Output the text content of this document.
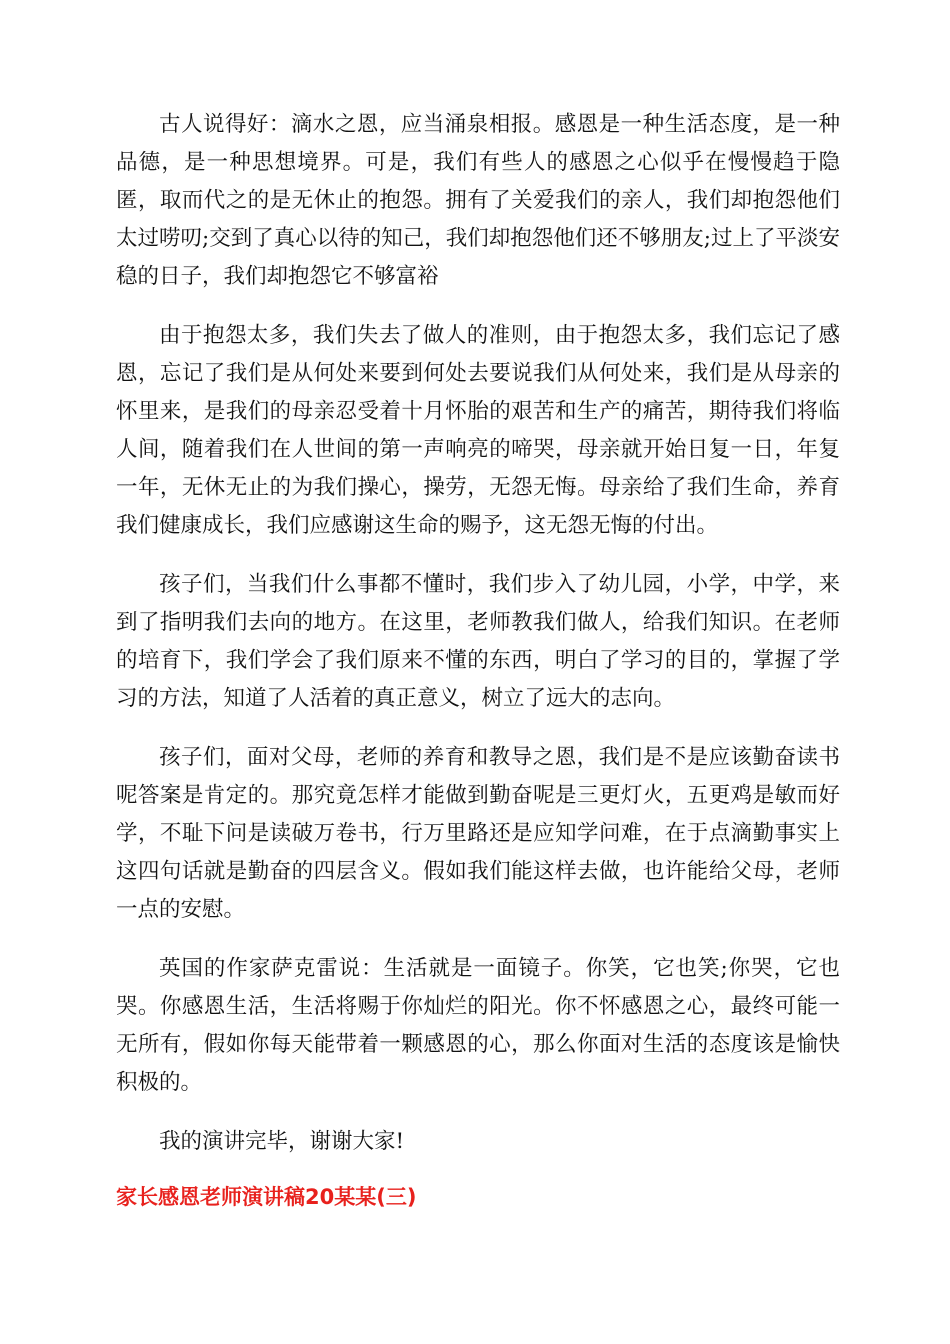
古人说得好：滴水之恩，应当涌泉相报。感恩是一种生活态度，是一种品德，是一种思想境界。可是，我们有些人的感恩之心似乎在慢慢趋于隐匿，取而代之的是无休止的抱怨。拥有了关爱我们的亲人，我们却抱怨他们太过唠叨;交到了真心以待的知己，我们却抱怨他们还不够朋友;过上了平淡安稳的日子，我们却抱怨它不够富裕

由于抱怨太多，我们失去了做人的准则，由于抱怨太多，我们忘记了感恩，忘记了我们是从何处来要到何处去要说我们从何处来，我们是从母亲的怀里来，是我们的母亲忍受着十月怀胎的艰苦和生产的痛苦，期待我们将临人间，随着我们在人世间的第一声响亮的啼哭，母亲就开始日复一日，年复一年，无休无止的为我们操心，操劳，无怨无悔。母亲给了我们生命，养育我们健康成长，我们应感谢这生命的赐予，这无怨无悔的付出。

孩子们，当我们什么事都不懂时，我们步入了幼儿园，小学，中学，来到了指明我们去向的地方。在这里，老师教我们做人，给我们知识。在老师的培育下，我们学会了我们原来不懂的东西，明白了学习的目的，掌握了学习的方法，知道了人活着的真正意义，树立了远大的志向。

孩子们，面对父母，老师的养育和教导之恩，我们是不是应该勤奋读书呢答案是肯定的。那究竟怎样才能做到勤奋呢是三更灯火，五更鸡是敏而好学，不耻下问是读破万卷书，行万里路还是应知学问难，在于点滴勤事实上这四句话就是勤奋的四层含义。假如我们能这样去做，也许能给父母，老师一点的安慰。

英国的作家萨克雷说：生活就是一面镜子。你笑，它也笑;你哭，它也哭。你感恩生活，生活将赐于你灿烂的阳光。你不怀感恩之心，最终可能一无所有，假如你每天能带着一颗感恩的心，那么你面对生活的态度该是愉快积极的。

我的演讲完毕，谢谢大家!

家长感恩老师演讲稿20某某(三)
